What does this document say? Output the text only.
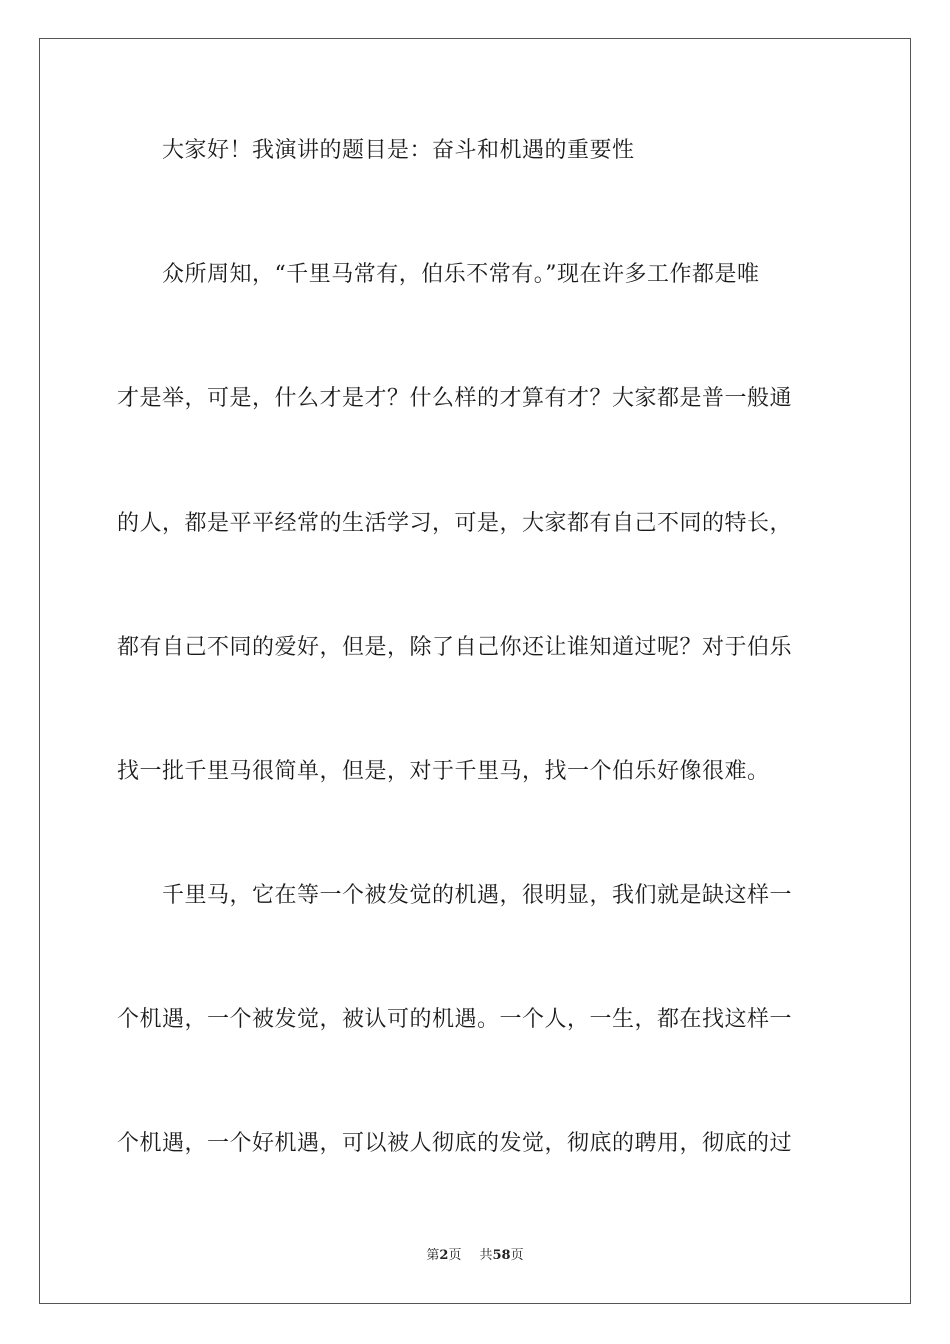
大家好！我演讲的题目是：奋斗和机遇的重要性
众所周知，“千里马常有，伯乐不常有。”现在许多工作都是唯
才是举，可是，什么才是才？什么样的才算有才？大家都是普一般通
的人，都是平平经常的生活学习，可是，大家都有自己不同的特长，
都有自己不同的爱好，但是，除了自己你还让谁知道过呢？对于伯乐
找一批千里马很简单，但是，对于千里马，找一个伯乐好像很难。
千里马，它在等一个被发觉的机遇，很明显，我们就是缺这样一
个机遇，一个被发觉，被认可的机遇。一个人，一生，都在找这样一
个机遇，一个好机遇，可以被人彻底的发觉，彻底的聘用，彻底的过
第2页 共58页
